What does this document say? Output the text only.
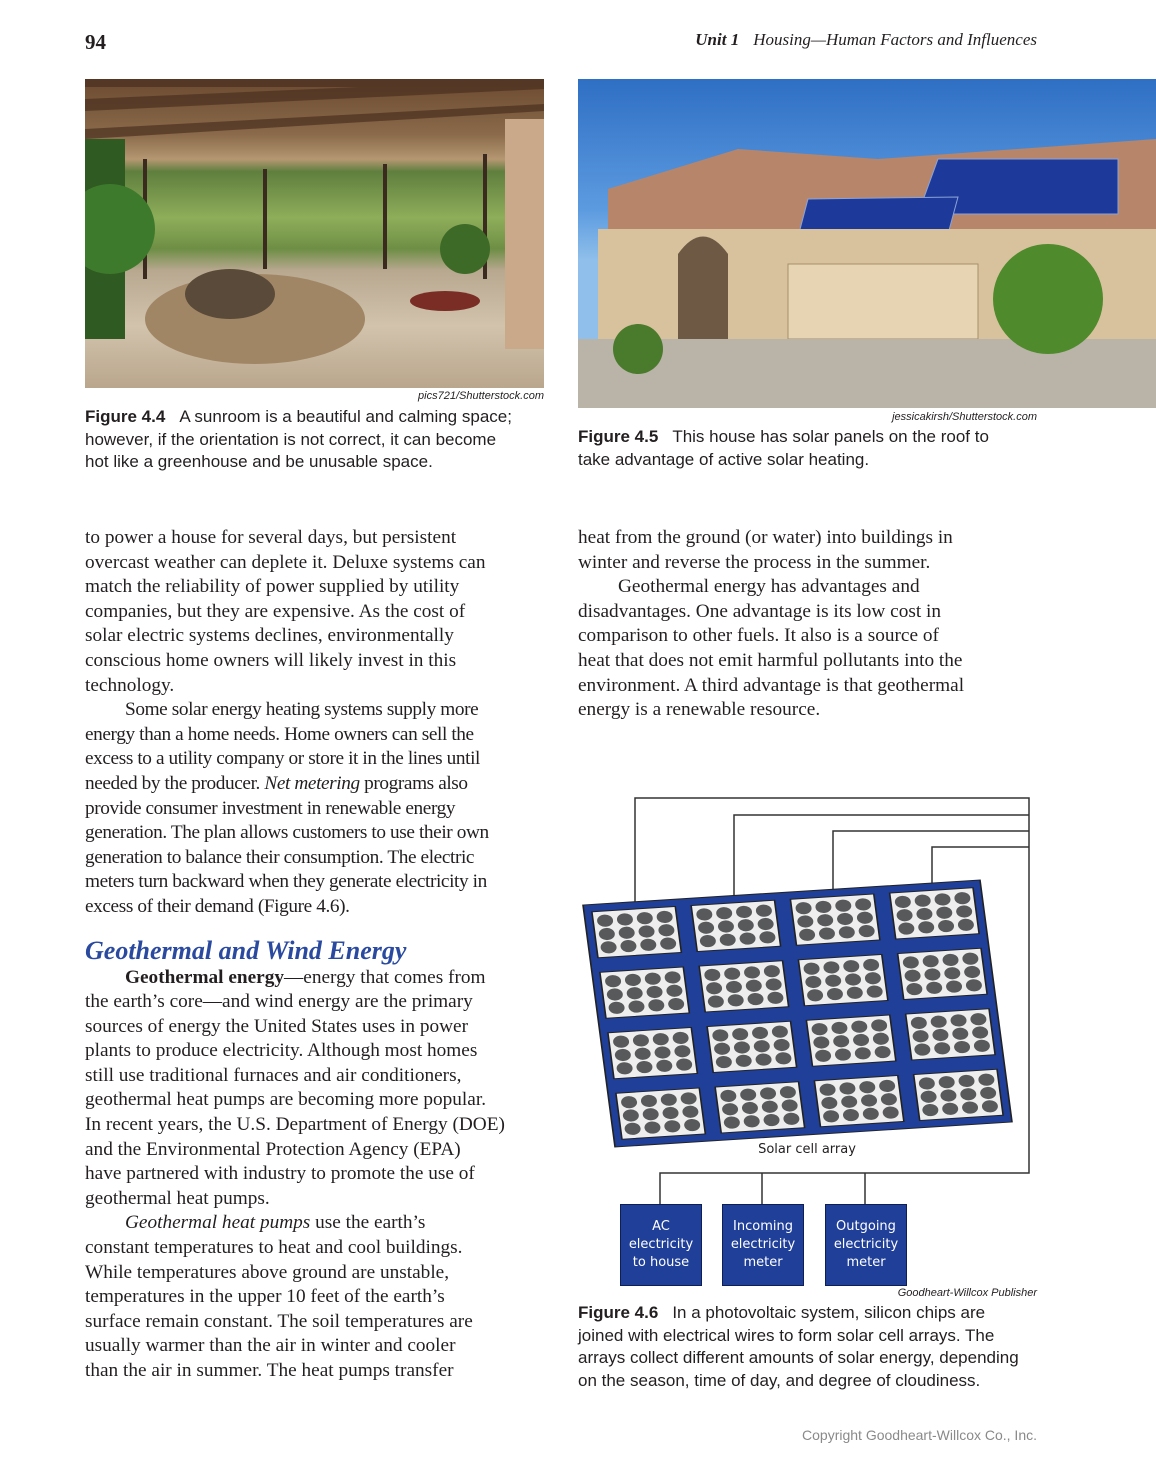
94	Unit 1 Housing—Human Factors and Influences
pics721/Shutterstock.com
Figure 4.4 A sunroom is a beautiful and calming space;
however, if the orientation is not correct, it can become
hot like a greenhouse and be unusable space.
jessicakirsh/Shutterstock.com
Figure 4.5 This house has solar panels on the roof to
take advantage of active solar heating.
to power a house for several days, but persistent
overcast weather can deplete it. Deluxe systems can
match the reliability of power supplied by utility
companies, but they are expensive. As the cost of
solar electric systems declines, environmentally
conscious home owners will likely invest in this
technology.
Some solar energy heating systems supply more
energy than a home needs. Home owners can sell the
excess to a utility company or store it in the lines until
needed by the producer. Net metering programs also
provide consumer investment in renewable energy
generation. The plan allows customers to use their own
generation to balance their consumption. The electric
meters turn backward when they generate electricity in
excess of their demand (Figure 4.6).
Geothermal and Wind Energy
Geothermal energy—energy that comes from
the earth’s core—and wind energy are the primary
sources of energy the United States uses in power
plants to produce electricity. Although most homes
still use traditional furnaces and air conditioners,
geothermal heat pumps are becoming more popular.
In recent years, the U.S. Department of Energy (DOE)
and the Environmental Protection Agency (EPA)
have partnered with industry to promote the use of
geothermal heat pumps.
Geothermal heat pumps use the earth’s
constant temperatures to heat and cool buildings.
While temperatures above ground are unstable,
temperatures in the upper 10 feet of the earth’s
surface remain constant. The soil temperatures are
usually warmer than the air in winter and cooler
than the air in summer. The heat pumps transfer
heat from the ground (or water) into buildings in
winter and reverse the process in the summer.
Geothermal energy has advantages and
disadvantages. One advantage is its low cost in
comparison to other fuels. It also is a source of
heat that does not emit harmful pollutants into the
environment. A third advantage is that geothermal
energy is a renewable resource.
Solar cell array
AC
electricity
to house
Incoming
electricity
meter
Outgoing
electricity
meter
Goodheart-Willcox Publisher
Figure 4.6 In a photovoltaic system, silicon chips are
joined with electrical wires to form solar cell arrays. The
arrays collect different amounts of solar energy, depending
on the season, time of day, and degree of cloudiness.
Copyright Goodheart-Willcox Co., Inc.
